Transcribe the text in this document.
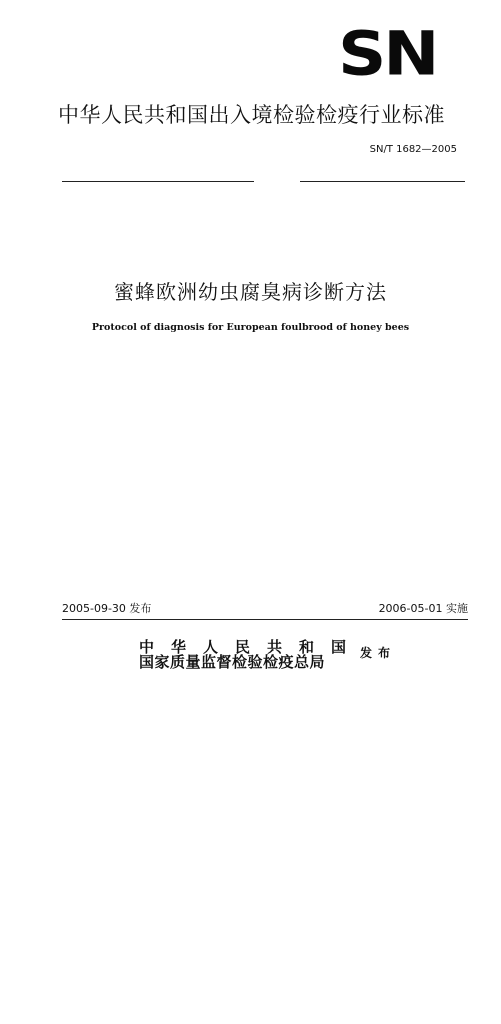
SN
中华人民共和国出入境检验检疫行业标准
SN/T 1682—2005
蜜蜂欧洲幼虫腐臭病诊断方法
Protocol of diagnosis for European foulbrood of honey bees
2005-09-30 发布	2006-05-01 实施
中华人民共和国
国家质量监督检验检疫总局	发布
